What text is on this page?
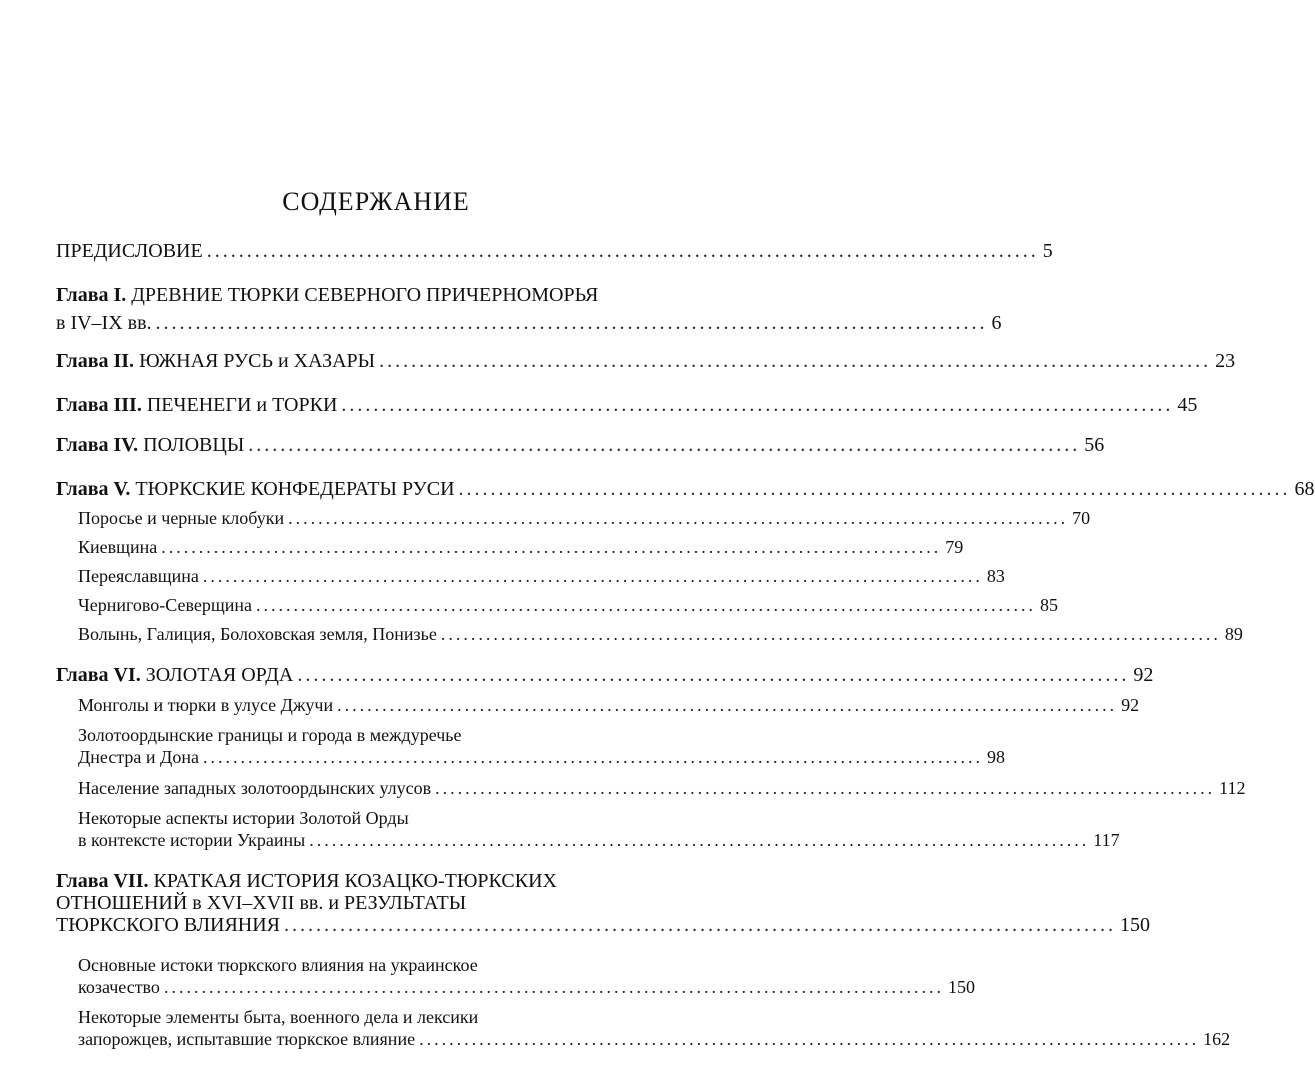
СОДЕРЖАНИЕ
ПРЕДИСЛОВИЕ ........................................................................................................ 5
Глава I. ДРЕВНИЕ ТЮРКИ СЕВЕРНОГО ПРИЧЕРНОМОРЬЯ
в IV–IX вв. ........................................................................................................ 6
Глава II. ЮЖНАЯ РУСЬ и ХАЗАРЫ ........................................................................................................ 23
Глава III. ПЕЧЕНЕГИ и ТОРКИ ........................................................................................................ 45
Глава IV. ПОЛОВЦЫ ........................................................................................................ 56
Глава V. ТЮРКСКИЕ КОНФЕДЕРАТЫ РУСИ ........................................................................................................ 68
Поросье и черные клобуки ........................................................................................................ 70
Киевщина ........................................................................................................ 79
Переяславщина ........................................................................................................ 83
Чернигово-Северщина ........................................................................................................ 85
Волынь, Галиция, Болоховская земля, Понизье ........................................................................................................ 89
Глава VI. ЗОЛОТАЯ ОРДА ........................................................................................................ 92
Монголы и тюрки в улусе Джучи ........................................................................................................ 92
Золотоордынские границы и города в междуречье
Днестра и Дона ........................................................................................................ 98
Население западных золотоордынских улусов ........................................................................................................ 112
Некоторые аспекты истории Золотой Орды
в контексте истории Украины ........................................................................................................ 117
Глава VII. КРАТКАЯ ИСТОРИЯ КОЗАЦКО-ТЮРКСКИХ
ОТНОШЕНИЙ в XVI–XVII вв. и РЕЗУЛЬТАТЫ
ТЮРКСКОГО ВЛИЯНИЯ ........................................................................................................ 150
Основные истоки тюркского влияния на украинское
козачество ........................................................................................................ 150
Некоторые элементы быта, военного дела и лексики
запорожцев, испытавшие тюркское влияние ........................................................................................................ 162
